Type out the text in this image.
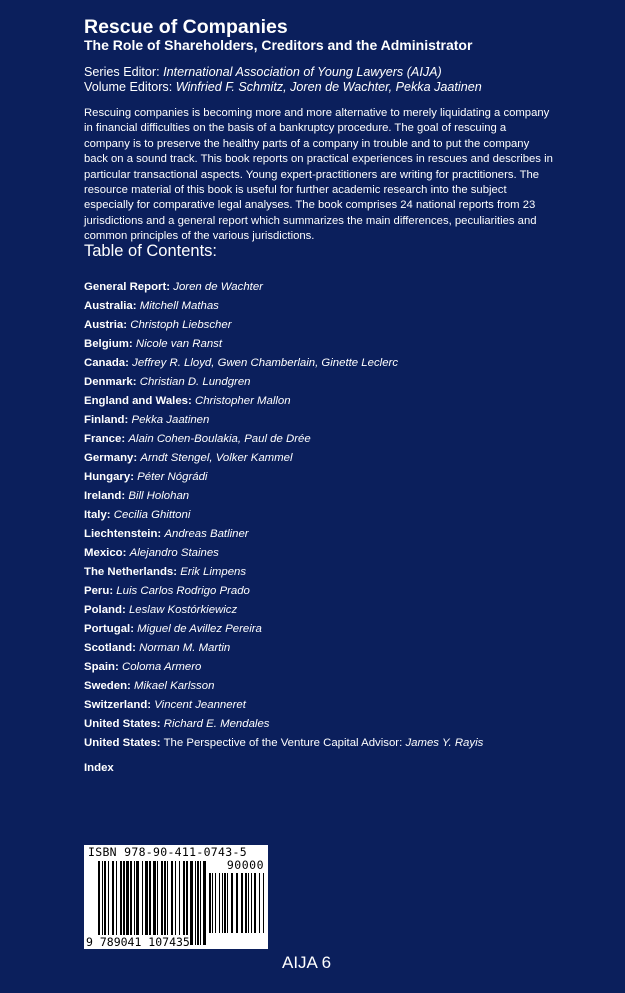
Rescue of Companies
The Role of Shareholders, Creditors and the Administrator
Series Editor: International Association of Young Lawyers (AIJA)
Volume Editors: Winfried F. Schmitz, Joren de Wachter, Pekka Jaatinen
Rescuing companies is becoming more and more alternative to merely liquidating a company in financial difficulties on the basis of a bankruptcy procedure. The goal of rescuing a company is to preserve the healthy parts of a company in trouble and to put the company back on a sound track. This book reports on practical experiences in rescues and describes in particular transactional aspects. Young expert-practitioners are writing for practitioners. The resource material of this book is useful for further academic research into the subject especially for comparative legal analyses. The book comprises 24 national reports from 23 jurisdictions and a general report which summarizes the main differences, peculiarities and common principles of the various jurisdictions.
Table of Contents:
General Report: Joren de Wachter
Australia: Mitchell Mathas
Austria: Christoph Liebscher
Belgium: Nicole van Ranst
Canada: Jeffrey R. Lloyd, Gwen Chamberlain, Ginette Leclerc
Denmark: Christian D. Lundgren
England and Wales: Christopher Mallon
Finland: Pekka Jaatinen
France: Alain Cohen-Boulakia, Paul de Drée
Germany: Arndt Stengel, Volker Kammel
Hungary: Péter Nógrádi
Ireland: Bill Holohan
Italy: Cecilia Ghittoni
Liechtenstein: Andreas Batliner
Mexico: Alejandro Staines
The Netherlands: Erik Limpens
Peru: Luis Carlos Rodrigo Prado
Poland: Leslaw Kostórkiewicz
Portugal: Miguel de Avillez Pereira
Scotland: Norman M. Martin
Spain: Coloma Armero
Sweden: Mikael Karlsson
Switzerland: Vincent Jeanneret
United States: Richard E. Mendales
United States: The Perspective of the Venture Capital Advisor: James Y. Rayis
Index
ISBN 978-90-411-0743-5
90000
9 789041 107435
AIJA 6
